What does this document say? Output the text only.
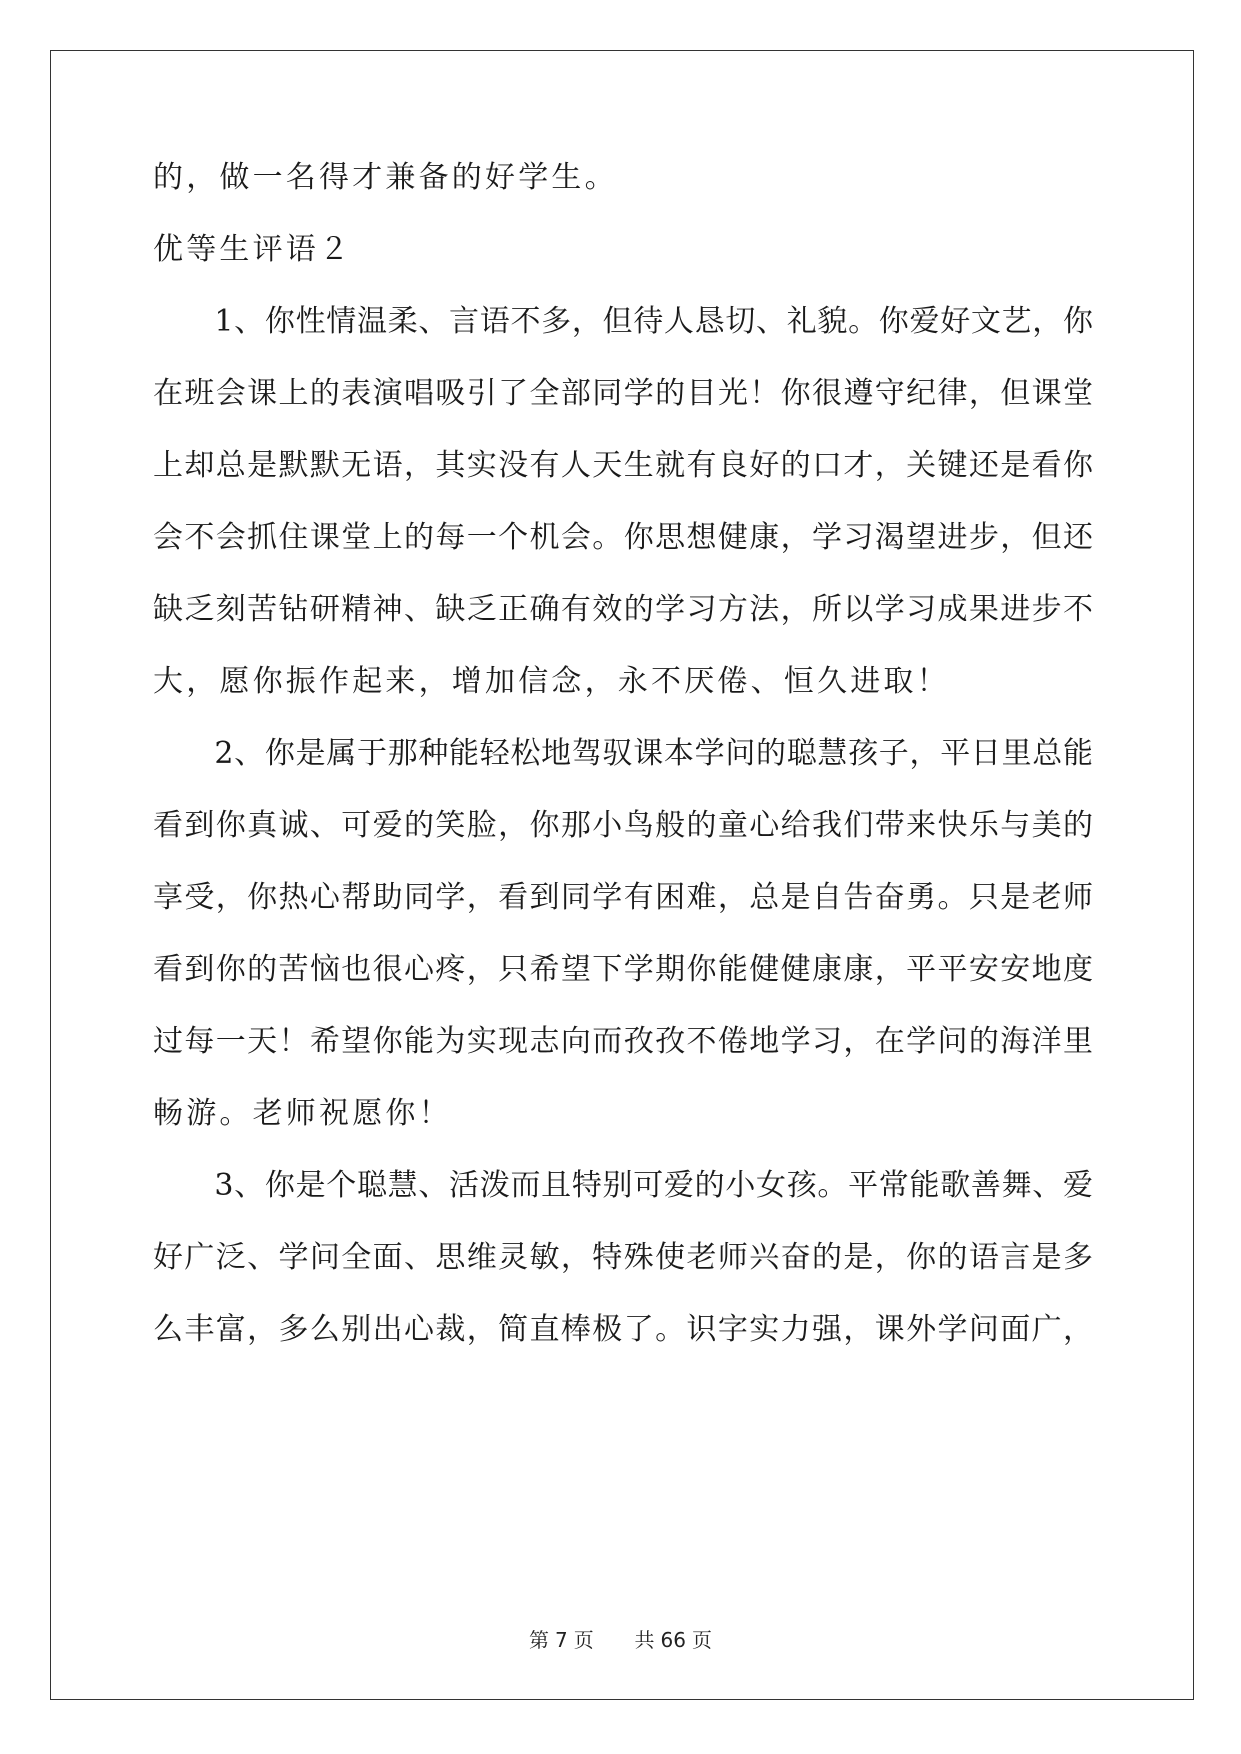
的，做一名得才兼备的好学生。
优等生评语２
　　1、你性情温柔、言语不多，但待人恳切、礼貌。你爱好文艺，你
在班会课上的表演唱吸引了全部同学的目光！你很遵守纪律，但课堂
上却总是默默无语，其实没有人天生就有良好的口才，关键还是看你
会不会抓住课堂上的每一个机会。你思想健康，学习渴望进步，但还
缺乏刻苦钻研精神、缺乏正确有效的学习方法，所以学习成果进步不
大，愿你振作起来，增加信念，永不厌倦、恒久进取！
　　2、你是属于那种能轻松地驾驭课本学问的聪慧孩子，平日里总能
看到你真诚、可爱的笑脸，你那小鸟般的童心给我们带来快乐与美的
享受，你热心帮助同学，看到同学有困难，总是自告奋勇。只是老师
看到你的苦恼也很心疼，只希望下学期你能健健康康，平平安安地度
过每一天！希望你能为实现志向而孜孜不倦地学习，在学问的海洋里
畅游。老师祝愿你！
　　3、你是个聪慧、活泼而且特别可爱的小女孩。平常能歌善舞、爱
好广泛、学问全面、思维灵敏，特殊使老师兴奋的是，你的语言是多
么丰富，多么别出心裁，简直棒极了。识字实力强，课外学问面广，
第 7 页 共 66 页
